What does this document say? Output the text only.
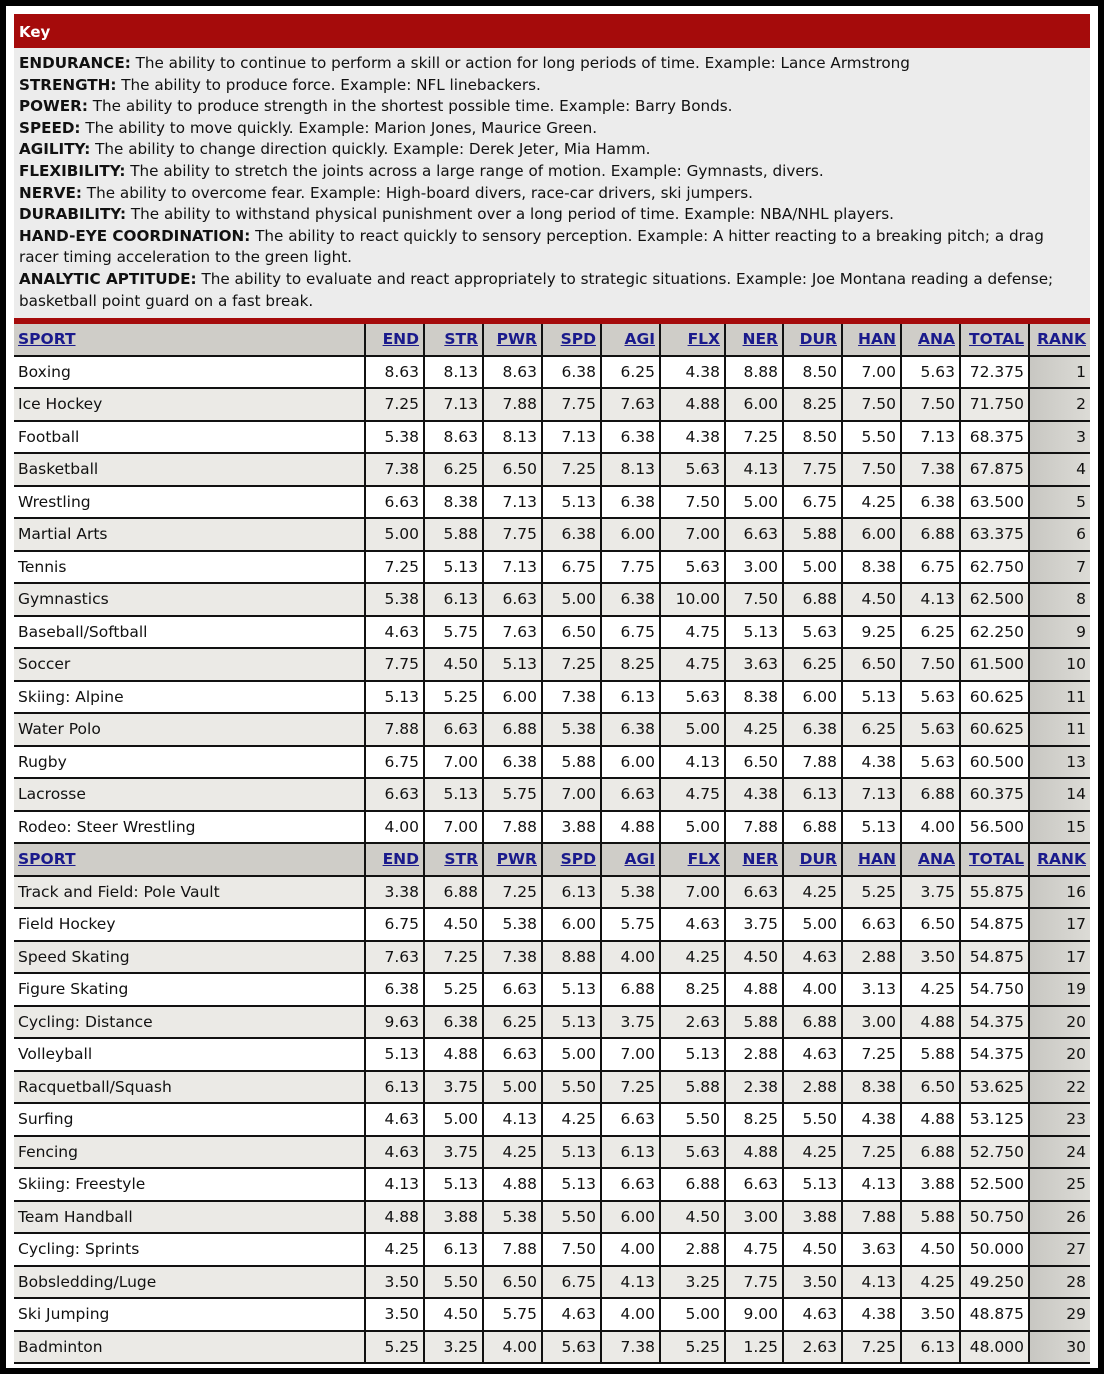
Key
ENDURANCE: The ability to continue to perform a skill or action for long periods of time. Example: Lance Armstrong
STRENGTH: The ability to produce force. Example: NFL linebackers.
POWER: The ability to produce strength in the shortest possible time. Example: Barry Bonds.
SPEED: The ability to move quickly. Example: Marion Jones, Maurice Green.
AGILITY: The ability to change direction quickly. Example: Derek Jeter, Mia Hamm.
FLEXIBILITY: The ability to stretch the joints across a large range of motion. Example: Gymnasts, divers.
NERVE: The ability to overcome fear. Example: High-board divers, race-car drivers, ski jumpers.
DURABILITY: The ability to withstand physical punishment over a long period of time. Example: NBA/NHL players.
HAND-EYE COORDINATION: The ability to react quickly to sensory perception. Example: A hitter reacting to a breaking pitch; a drag racer timing acceleration to the green light.
ANALYTIC APTITUDE: The ability to evaluate and react appropriately to strategic situations. Example: Joe Montana reading a defense; basketball point guard on a fast break.
SPORT	END	STR	PWR	SPD	AGI	FLX	NER	DUR	HAN	ANA	TOTAL	RANK
Boxing	8.63	8.13	8.63	6.38	6.25	4.38	8.88	8.50	7.00	5.63	72.375	1
Ice Hockey	7.25	7.13	7.88	7.75	7.63	4.88	6.00	8.25	7.50	7.50	71.750	2
Football	5.38	8.63	8.13	7.13	6.38	4.38	7.25	8.50	5.50	7.13	68.375	3
Basketball	7.38	6.25	6.50	7.25	8.13	5.63	4.13	7.75	7.50	7.38	67.875	4
Wrestling	6.63	8.38	7.13	5.13	6.38	7.50	5.00	6.75	4.25	6.38	63.500	5
Martial Arts	5.00	5.88	7.75	6.38	6.00	7.00	6.63	5.88	6.00	6.88	63.375	6
Tennis	7.25	5.13	7.13	6.75	7.75	5.63	3.00	5.00	8.38	6.75	62.750	7
Gymnastics	5.38	6.13	6.63	5.00	6.38	10.00	7.50	6.88	4.50	4.13	62.500	8
Baseball/Softball	4.63	5.75	7.63	6.50	6.75	4.75	5.13	5.63	9.25	6.25	62.250	9
Soccer	7.75	4.50	5.13	7.25	8.25	4.75	3.63	6.25	6.50	7.50	61.500	10
Skiing: Alpine	5.13	5.25	6.00	7.38	6.13	5.63	8.38	6.00	5.13	5.63	60.625	11
Water Polo	7.88	6.63	6.88	5.38	6.38	5.00	4.25	6.38	6.25	5.63	60.625	11
Rugby	6.75	7.00	6.38	5.88	6.00	4.13	6.50	7.88	4.38	5.63	60.500	13
Lacrosse	6.63	5.13	5.75	7.00	6.63	4.75	4.38	6.13	7.13	6.88	60.375	14
Rodeo: Steer Wrestling	4.00	7.00	7.88	3.88	4.88	5.00	7.88	6.88	5.13	4.00	56.500	15
SPORT	END	STR	PWR	SPD	AGI	FLX	NER	DUR	HAN	ANA	TOTAL	RANK
Track and Field: Pole Vault	3.38	6.88	7.25	6.13	5.38	7.00	6.63	4.25	5.25	3.75	55.875	16
Field Hockey	6.75	4.50	5.38	6.00	5.75	4.63	3.75	5.00	6.63	6.50	54.875	17
Speed Skating	7.63	7.25	7.38	8.88	4.00	4.25	4.50	4.63	2.88	3.50	54.875	17
Figure Skating	6.38	5.25	6.63	5.13	6.88	8.25	4.88	4.00	3.13	4.25	54.750	19
Cycling: Distance	9.63	6.38	6.25	5.13	3.75	2.63	5.88	6.88	3.00	4.88	54.375	20
Volleyball	5.13	4.88	6.63	5.00	7.00	5.13	2.88	4.63	7.25	5.88	54.375	20
Racquetball/Squash	6.13	3.75	5.00	5.50	7.25	5.88	2.38	2.88	8.38	6.50	53.625	22
Surfing	4.63	5.00	4.13	4.25	6.63	5.50	8.25	5.50	4.38	4.88	53.125	23
Fencing	4.63	3.75	4.25	5.13	6.13	5.63	4.88	4.25	7.25	6.88	52.750	24
Skiing: Freestyle	4.13	5.13	4.88	5.13	6.63	6.88	6.63	5.13	4.13	3.88	52.500	25
Team Handball	4.88	3.88	5.38	5.50	6.00	4.50	3.00	3.88	7.88	5.88	50.750	26
Cycling: Sprints	4.25	6.13	7.88	7.50	4.00	2.88	4.75	4.50	3.63	4.50	50.000	27
Bobsledding/Luge	3.50	5.50	6.50	6.75	4.13	3.25	7.75	3.50	4.13	4.25	49.250	28
Ski Jumping	3.50	4.50	5.75	4.63	4.00	5.00	9.00	4.63	4.38	3.50	48.875	29
Badminton	5.25	3.25	4.00	5.63	7.38	5.25	1.25	2.63	7.25	6.13	48.000	30
